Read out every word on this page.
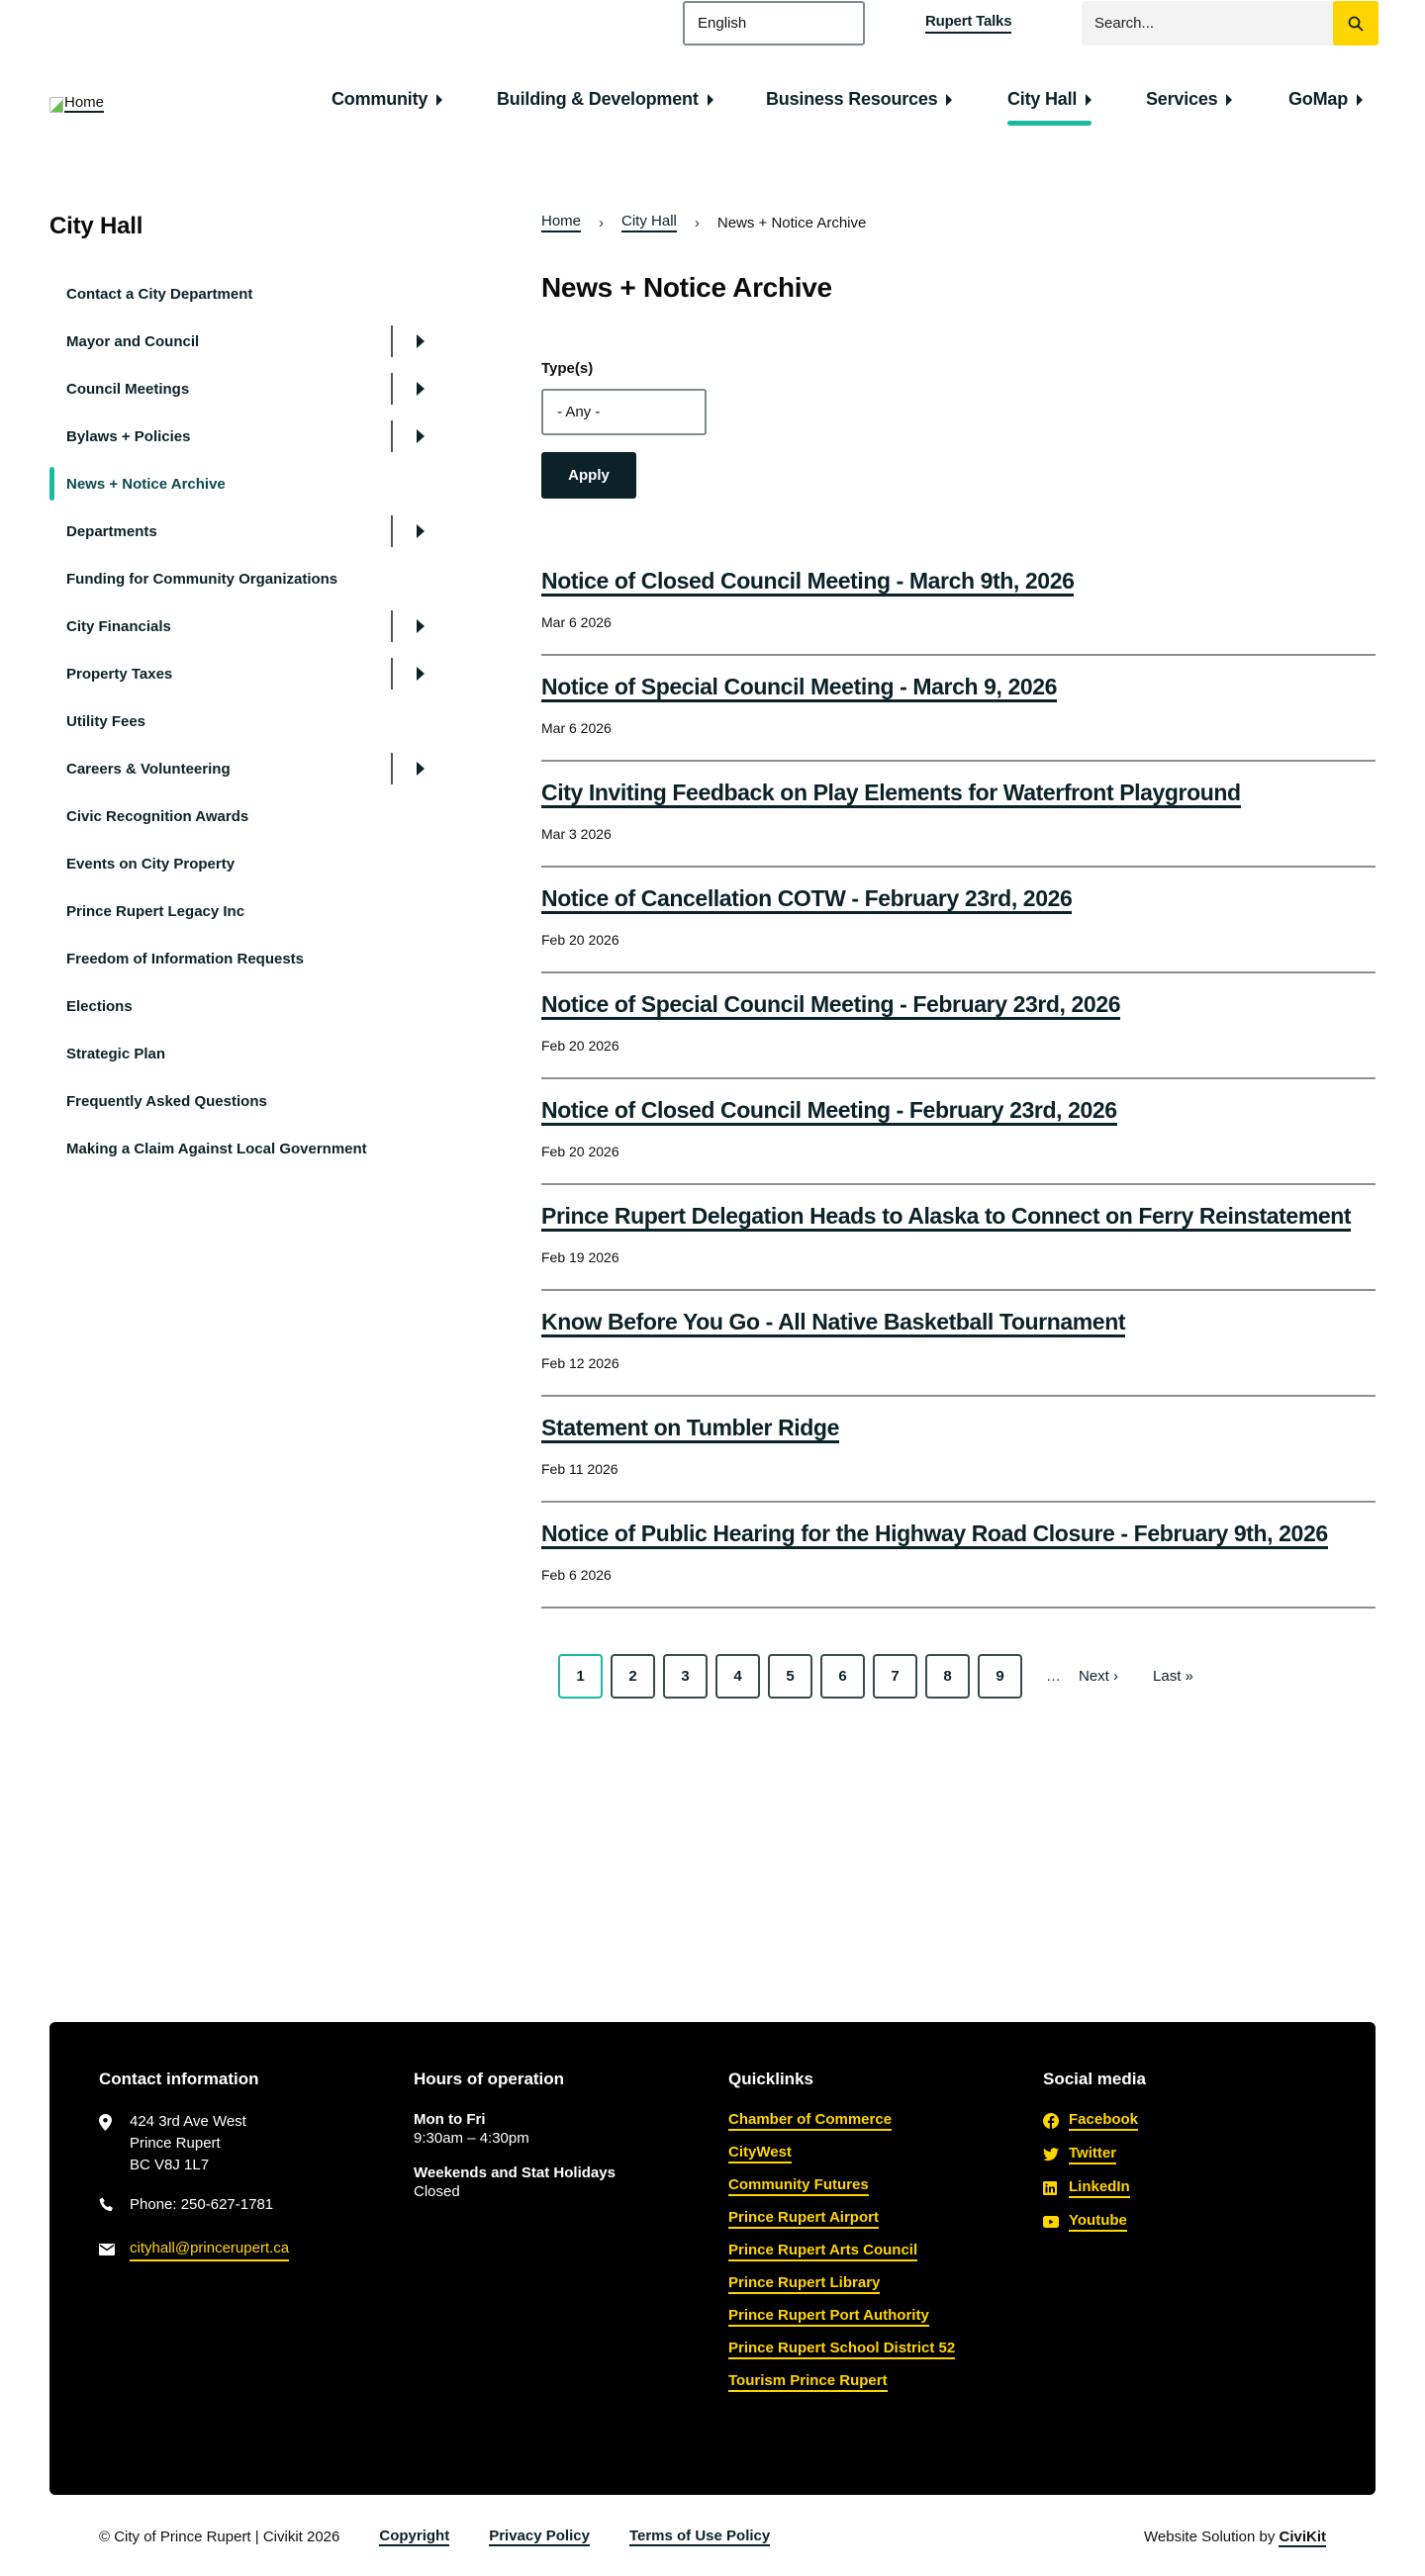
English	Rupert Talks
Search...
Home	Community	Building & Development	Business Resources	City Hall	Services	GoMap
City Hall
Contact a City Department
Mayor and Council
Council Meetings
Bylaws + Policies
News + Notice Archive
Departments
Funding for Community Organizations
City Financials
Property Taxes
Utility Fees
Careers & Volunteering
Civic Recognition Awards
Events on City Property
Prince Rupert Legacy Inc
Freedom of Information Requests
Elections
Strategic Plan
Frequently Asked Questions
Making a Claim Against Local Government
Home › City Hall › News + Notice Archive
News + Notice Archive
Type(s)
- Any -
Apply
Notice of Closed Council Meeting - March 9th, 2026
Mar 6 2026
Notice of Special Council Meeting - March 9, 2026
Mar 6 2026
City Inviting Feedback on Play Elements for Waterfront Playground
Mar 3 2026
Notice of Cancellation COTW - February 23rd, 2026
Feb 20 2026
Notice of Special Council Meeting - February 23rd, 2026
Feb 20 2026
Notice of Closed Council Meeting - February 23rd, 2026
Feb 20 2026
Prince Rupert Delegation Heads to Alaska to Connect on Ferry Reinstatement
Feb 19 2026
Know Before You Go - All Native Basketball Tournament
Feb 12 2026
Statement on Tumbler Ridge
Feb 11 2026
Notice of Public Hearing for the Highway Road Closure - February 9th, 2026
Feb 6 2026
1	2	3	4	5	6	7	8	9	… Next › Last »
Contact information
424 3rd Ave West
Prince Rupert
BC V8J 1L7
Phone: 250-627-1781
cityhall@princerupert.ca
Hours of operation
Mon to Fri
9:30am – 4:30pm
Weekends and Stat Holidays
Closed
Quicklinks
Chamber of Commerce
CityWest
Community Futures
Prince Rupert Airport
Prince Rupert Arts Council
Prince Rupert Library
Prince Rupert Port Authority
Prince Rupert School District 52
Tourism Prince Rupert
Social media
Facebook
Twitter
LinkedIn
Youtube
© City of Prince Rupert | Civikit 2026	Copyright	Privacy Policy	Terms of Use Policy	Website Solution by CiviKit
